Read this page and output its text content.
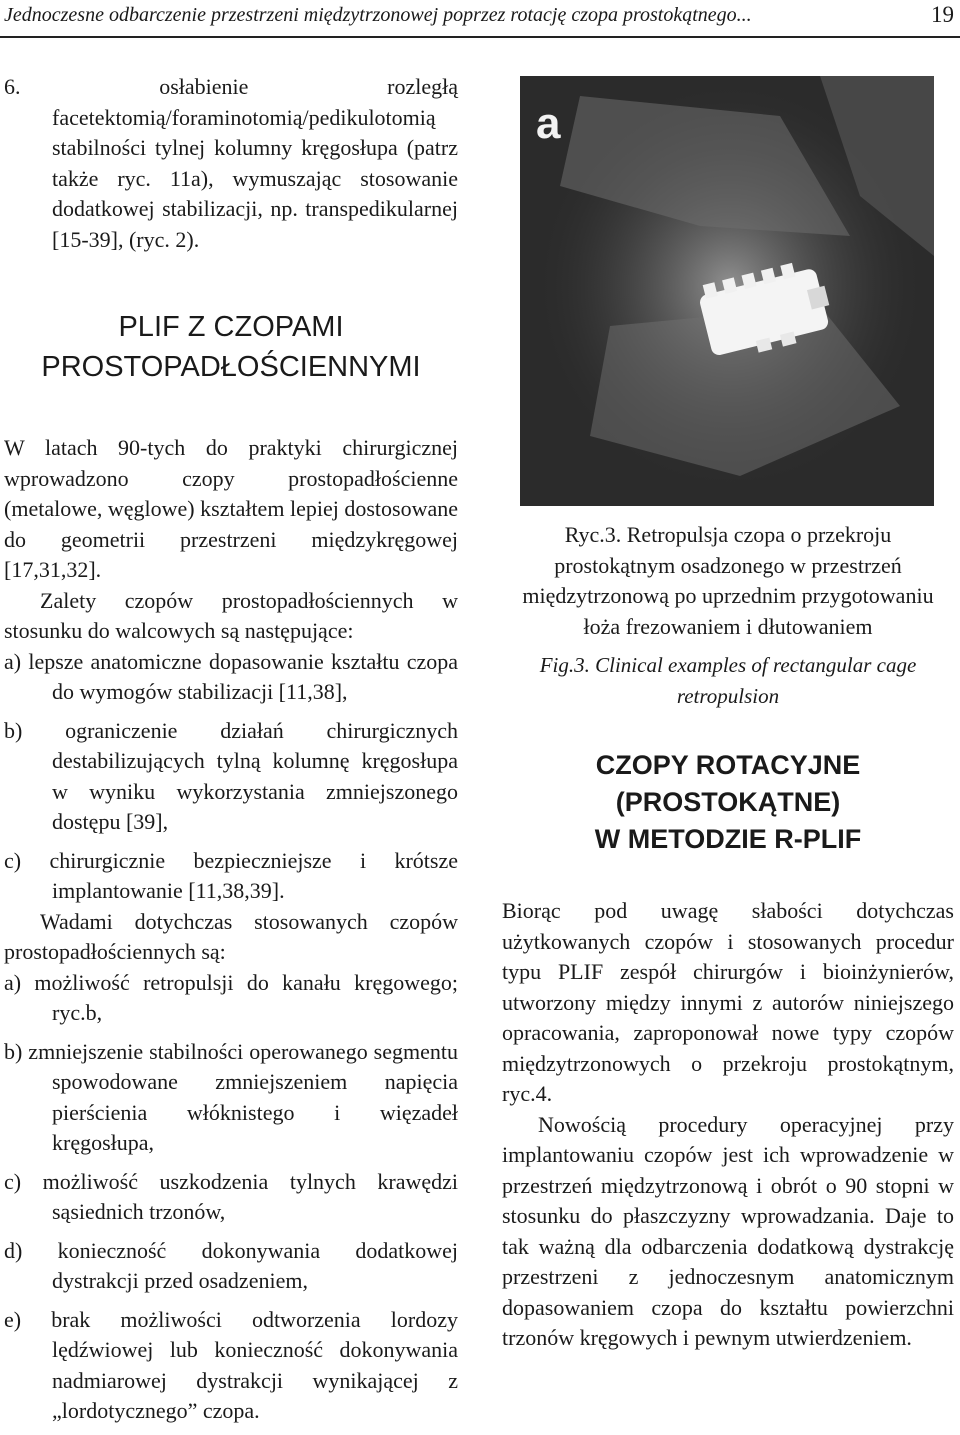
Jednoczesne odbarczenie przestrzeni międzytrzonowej poprzez rotację czopa prostokątnego...	19

6. osłabienie rozległą facetektomią/foraminotomią/pedikulotomią stabilności tylnej kolumny kręgosłupa (patrz także ryc. 11a), wymuszając stosowanie dodatkowej stabilizacji, np. transpedikularnej [15-39], (ryc. 2).

PLIF Z CZOPAMI
PROSTOPADŁOŚCIENNYMI

W latach 90-tych do praktyki chirurgicznej wprowadzono czopy prostopadłościenne (metalowe, węglowe) kształtem lepiej dostosowane do geometrii przestrzeni międzykręgowej [17,31,32].

Zalety czopów prostopadłościennych w stosunku do walcowych są następujące:

a) lepsze anatomiczne dopasowanie kształtu czopa do wymogów stabilizacji [11,38],

b) ograniczenie działań chirurgicznych destabilizujących tylną kolumnę kręgosłupa w wyniku wykorzystania zmniejszonego dostępu [39],

c) chirurgicznie bezpieczniejsze i krótsze implantowanie [11,38,39].

Wadami dotychczas stosowanych czopów prostopadłościennych są:

a) możliwość retropulsji do kanału kręgowego; ryc.b,

b) zmniejszenie stabilności operowanego segmentu spowodowane zmniejszeniem napięcia pierścienia włóknistego i więzadeł kręgosłupa,

c) możliwość uszkodzenia tylnych krawędzi sąsiednich trzonów,

d) konieczność dokonywania dodatkowej dystrakcji przed osadzeniem,

e) brak możliwości odtworzenia lordozy lędźwiowej lub konieczność dokonywania nadmiarowej dystrakcji wynikającej z „lordotycznego” czopa.

a

Ryc.3. Retropulsja czopa o przekroju prostokątnym osadzonego w przestrzeń międzytrzonową po uprzednim przygotowaniu łoża frezowaniem i dłutowaniem

Fig.3. Clinical examples of rectangular cage retropulsion

CZOPY ROTACYJNE
(PROSTOKĄTNE)
W METODZIE R-PLIF

Biorąc pod uwagę słabości dotychczas użytkowanych czopów i stosowanych procedur typu PLIF zespół chirurgów i bioinżynierów, utworzony między innymi z autorów niniejszego opracowania, zaproponował nowe typy czopów międzytrzonowych o przekroju prostokątnym, ryc.4.

Nowością procedury operacyjnej przy implantowaniu czopów jest ich wprowadzenie w przestrzeń międzytrzonową i obrót o 90 stopni w stosunku do płaszczyzny wprowadzania. Daje to tak ważną dla odbarczenia dodatkową dystrakcję przestrzeni z jednoczesnym anatomicznym dopasowaniem czopa do kształtu powierzchni trzonów kręgowych i pewnym utwierdzeniem.
